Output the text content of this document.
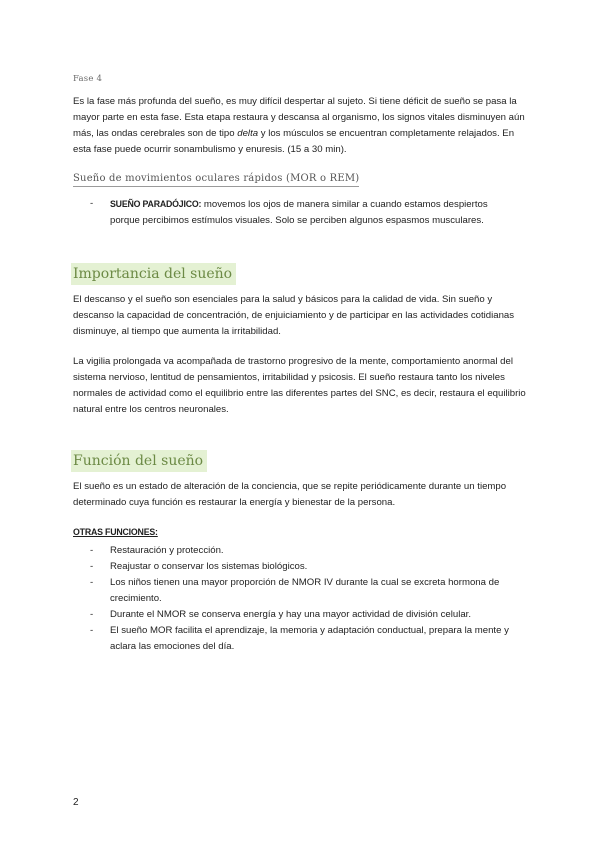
Fase 4

Es la fase más profunda del sueño, es muy difícil despertar al sujeto. Si tiene déficit de sueño se pasa la mayor parte en esta fase. Esta etapa restaura y descansa al organismo, los signos vitales disminuyen aún más, las ondas cerebrales son de tipo delta y los músculos se encuentran completamente relajados. En esta fase puede ocurrir sonambulismo y enuresis. (15 a 30 min).

Sueño de movimientos oculares rápidos (MOR o REM)
- SUEÑO PARADÓJICO: movemos los ojos de manera similar a cuando estamos despiertos porque percibimos estímulos visuales. Solo se perciben algunos espasmos musculares.
Importancia del sueño

El descanso y el sueño son esenciales para la salud y básicos para la calidad de vida. Sin sueño y descanso la capacidad de concentración, de enjuiciamiento y de participar en las actividades cotidianas disminuye, al tiempo que aumenta la irritabilidad.

La vigilia prolongada va acompañada de trastorno progresivo de la mente, comportamiento anormal del sistema nervioso, lentitud de pensamientos, irritabilidad y psicosis. El sueño restaura tanto los niveles normales de actividad como el equilibrio entre las diferentes partes del SNC, es decir, restaura el equilibrio natural entre los centros neuronales.

Función del sueño

El sueño es un estado de alteración de la conciencia, que se repite periódicamente durante un tiempo determinado cuya función es restaurar la energía y bienestar de la persona.

OTRAS FUNCIONES:
- Restauración y protección.
- Reajustar o conservar los sistemas biológicos.
- Los niños tienen una mayor proporción de NMOR IV durante la cual se excreta hormona de crecimiento.
- Durante el NMOR se conserva energía y hay una mayor actividad de división celular.
- El sueño MOR facilita el aprendizaje, la memoria y adaptación conductual, prepara la mente y aclara las emociones del día.
2
